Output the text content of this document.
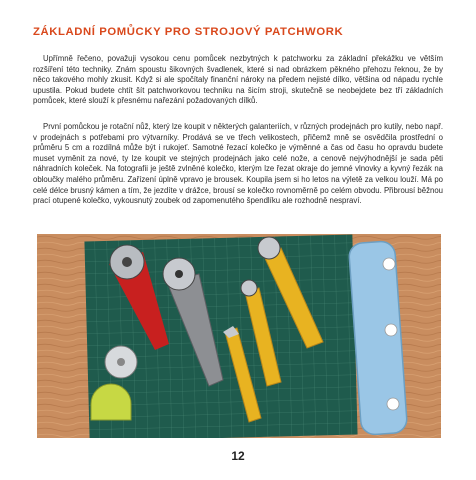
ZÁKLADNÍ POMŮCKY PRO STROJOVÝ PATCHWORK

Upřímně řečeno, považuji vysokou cenu pomůcek nezbytných k patchworku za základní překážku ve větším rozšíření této techniky. Znám spoustu šikovných švadlenek, které si nad obrázkem pěkného přehozu řeknou, že by něco takového mohly zkusit. Když si ale spočítaly finanční nároky na předem nejisté dílko, většina od nápadu rychle upustila. Pokud budete chtít šít patchworkovou techniku na šicím stroji, skutečně se neobejdete bez tří základních pomůcek, které slouží k přesnému nařezání požadovaných dílků.

První pomůckou je rotační nůž, který lze koupit v některých galanteriích, v různých prodejnách pro kutily, nebo např. v prodejnách s potřebami pro výtvarníky. Prodává se ve třech velikostech, přičemž mně se osvědčila prostřední o průměru 5 cm a rozdílná může být i rukojeť. Samotné řezací kolečko je výměnné a čas od času ho opravdu budete muset vyměnit za nové, ty lze koupit ve stejných prodejnách jako celé nože, a cenově nejvýhodnější je sada pěti náhradních koleček. Na fotografii je ještě zvlněné kolečko, kterým lze řezat okraje do jemné vlnovky a kyvný řezák na obloučky malého průměru. Zařízení úplně vpravo je brousek. Koupila jsem si ho letos na výletě za velkou louží. Má po celé délce brusný kámen a tím, že jezdíte v drážce, brousí se kolečko rovnoměrně po celém obvodu. Přibrousí běžnou prací otupené kolečko, vykousnutý zoubek od zapomenutého špendlíku ale rozhodně nespraví.

12
